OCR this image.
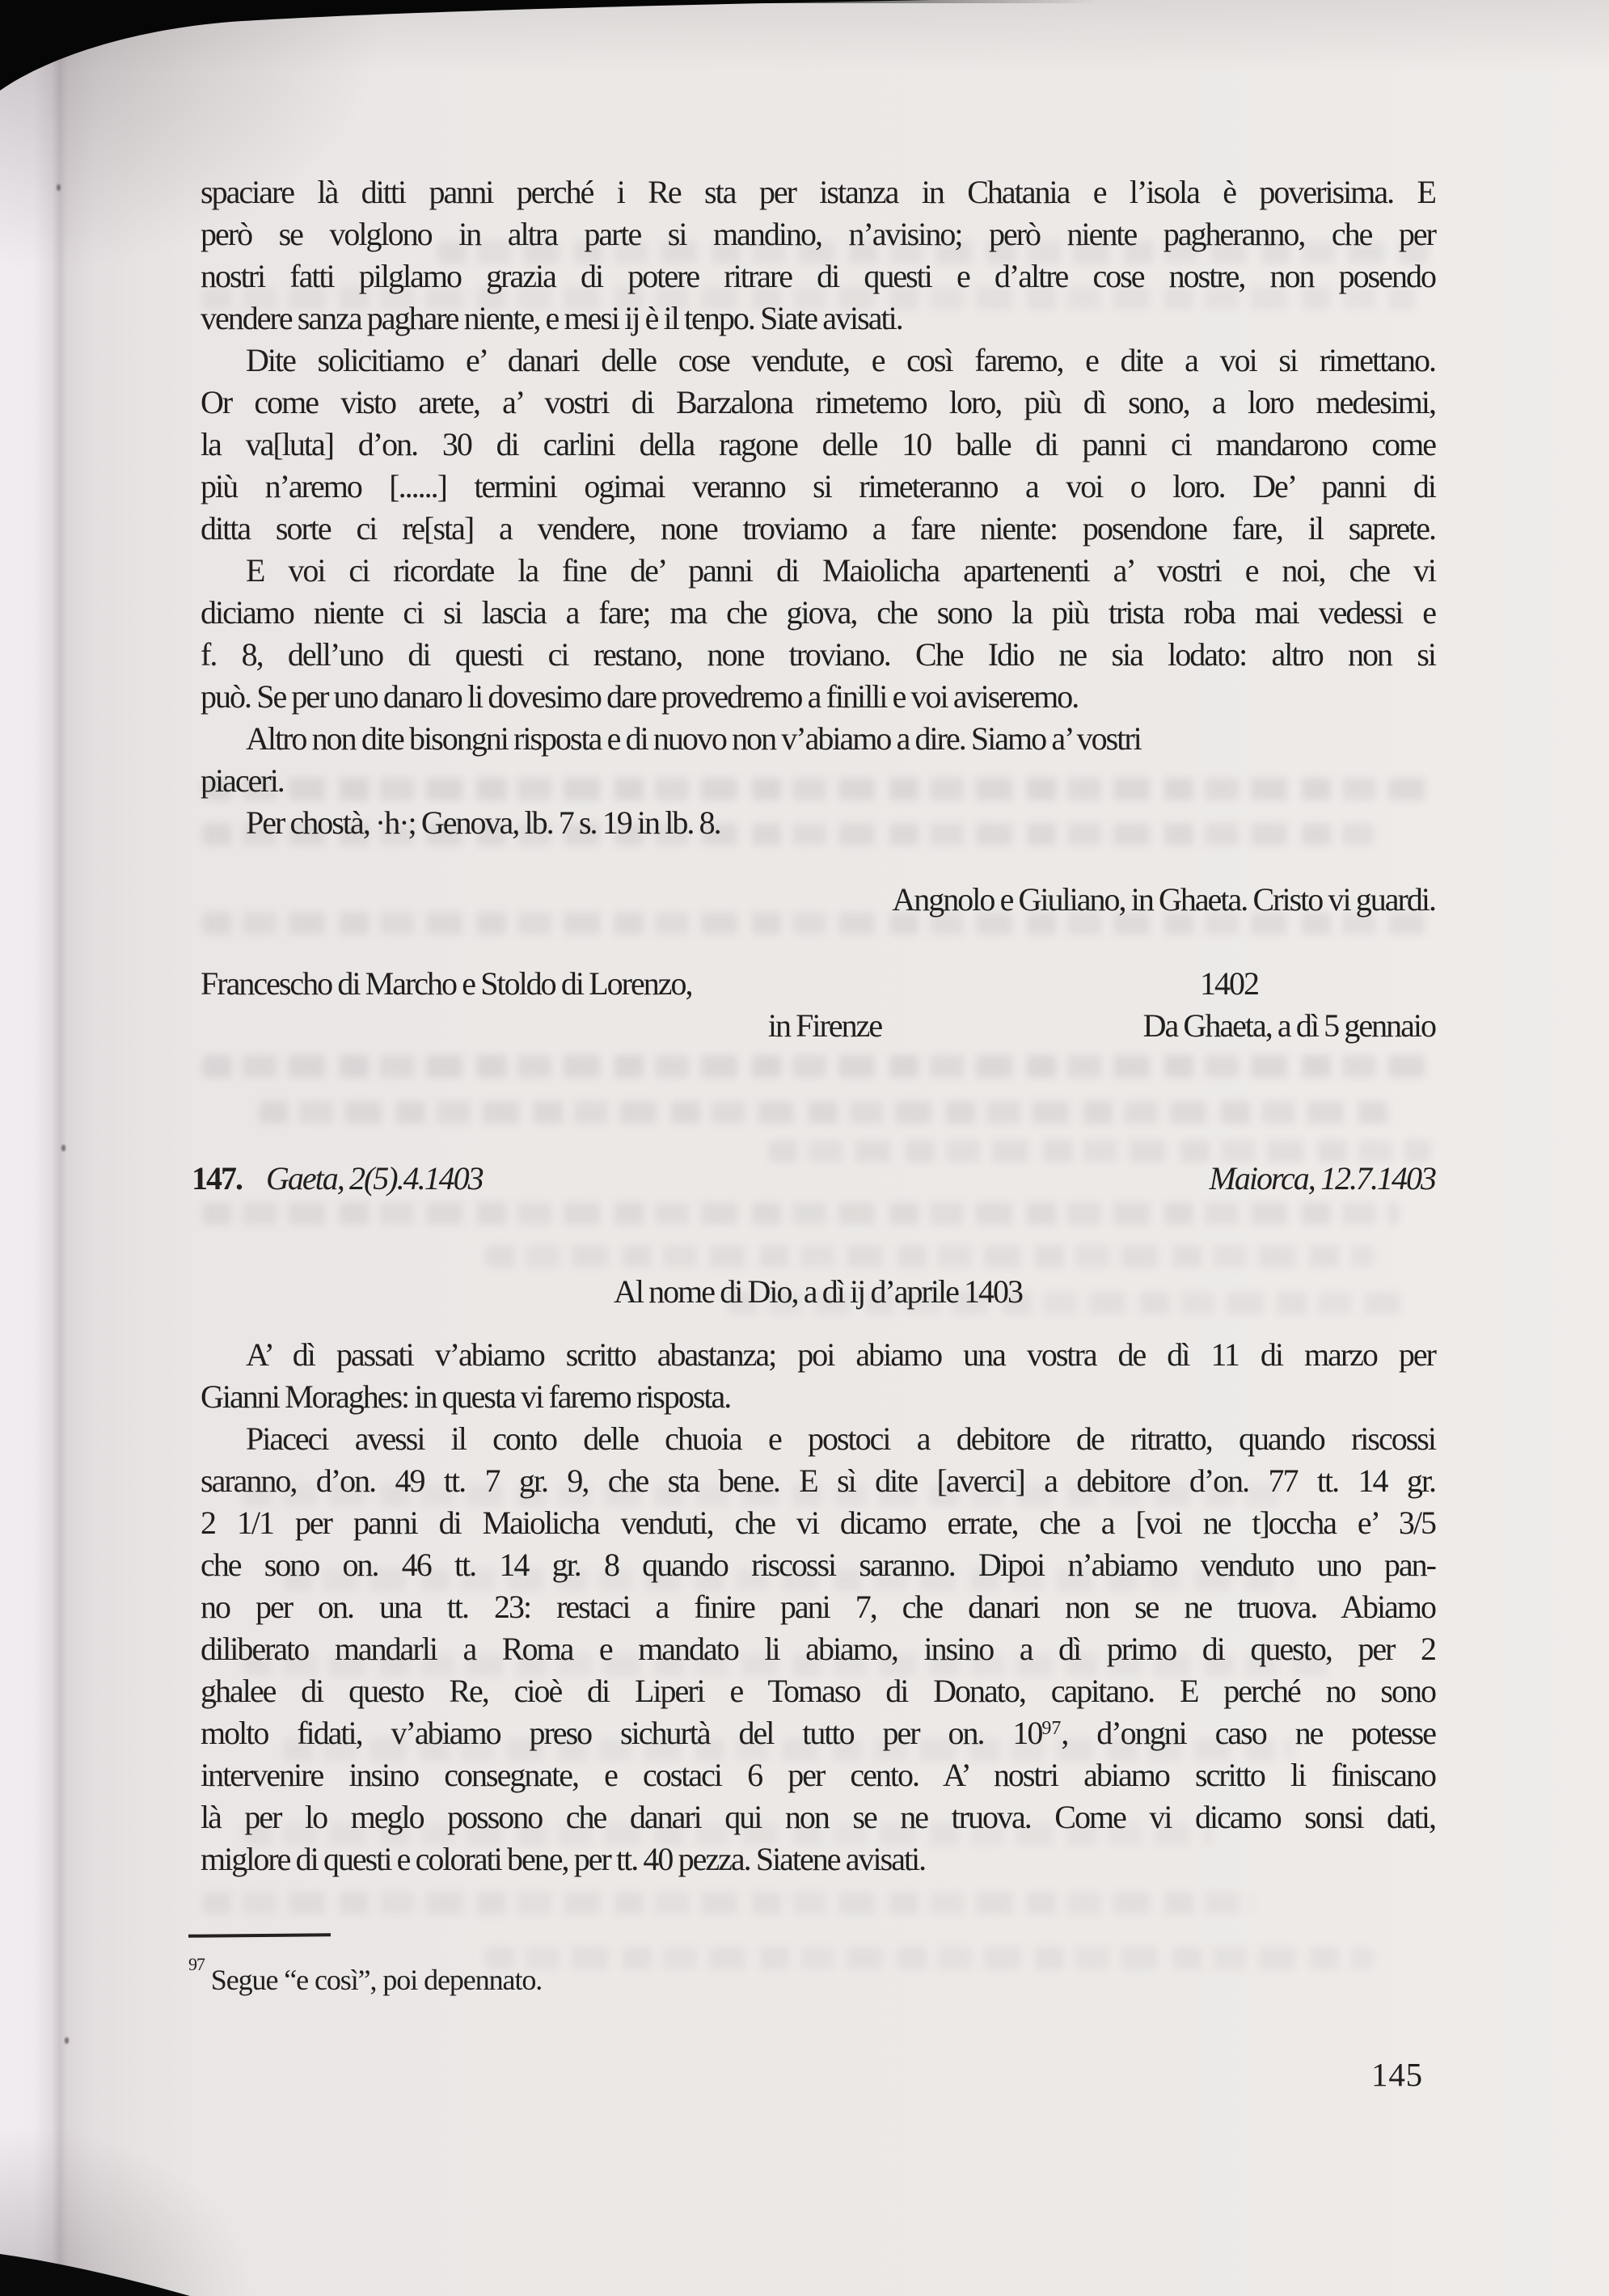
spaciare là ditti panni perché i Re sta per istanza in Chatania e l’isola è poverisima. E
però se volglono in altra parte si mandino, n’avisino; però niente pagheranno, che per
nostri fatti pilglamo grazia di potere ritrare di questi e d’altre cose nostre, non posendo
vendere sanza paghare niente, e mesi ij è il tenpo. Siate avisati.
Dite solicitiamo e’ danari delle cose vendute, e così faremo, e dite a voi si rimettano.
Or come visto arete, a’ vostri di Barzalona rimetemo loro, più dì sono, a loro medesimi,
la va[luta] d’on. 30 di carlini della ragone delle 10 balle di panni ci mandarono come
più n’aremo [......] termini ogimai veranno si rimeteranno a voi o loro. De’ panni di
ditta sorte ci re[sta] a vendere, none troviamo a fare niente: posendone fare, il saprete.
E voi ci ricordate la fine de’ panni di Maiolicha apartenenti a’ vostri e noi, che vi
diciamo niente ci si lascia a fare; ma che giova, che sono la più trista roba mai vedessi e
f. 8, dell’uno di questi ci restano, none troviano. Che Idio ne sia lodato: altro non si
può. Se per uno danaro li dovesimo dare provedremo a finilli e voi aviseremo.
Altro non dite bisongni risposta e di nuovo non v’abiamo a dire. Siamo a’ vostri
piaceri.
Per chostà, ·h·; Genova, lb. 7 s. 19 in lb. 8.
Angnolo e Giuliano, in Ghaeta. Cristo vi guardi.
Francescho di Marcho e Stoldo di Lorenzo,	1402
in Firenze	Da Ghaeta, a dì 5 gennaio
147. Gaeta, 2(5).4.1403	Maiorca, 12.7.1403
Al nome di Dio, a dì ij d’aprile 1403
A’ dì passati v’abiamo scritto abastanza; poi abiamo una vostra de dì 11 di marzo per
Gianni Moraghes: in questa vi faremo risposta.
Piaceci avessi il conto delle chuoia e postoci a debitore de ritratto, quando riscossi
saranno, d’on. 49 tt. 7 gr. 9, che sta bene. E sì dite [averci] a debitore d’on. 77 tt. 14 gr.
2 1/1 per panni di Maiolicha venduti, che vi dicamo errate, che a [voi ne t]occha e’ 3/5
che sono on. 46 tt. 14 gr. 8 quando riscossi saranno. Dipoi n’abiamo venduto uno pan-
no per on. una tt. 23: restaci a finire pani 7, che danari non se ne truova. Abiamo
diliberato mandarli a Roma e mandato li abiamo, insino a dì primo di questo, per 2
ghalee di questo Re, cioè di Liperi e Tomaso di Donato, capitano. E perché no sono
molto fidati, v’abiamo preso sichurtà del tutto per on. 10$^{97}$, d’ongni caso ne potesse
intervenire insino consegnate, e costaci 6 per cento. A’ nostri abiamo scritto li finiscano
là per lo meglo possono che danari qui non se ne truova. Come vi dicamo sonsi dati,
miglore di questi e colorati bene, per tt. 40 pezza. Siatene avisati.
$^{97}$ Segue “e così”, poi depennato.
145
